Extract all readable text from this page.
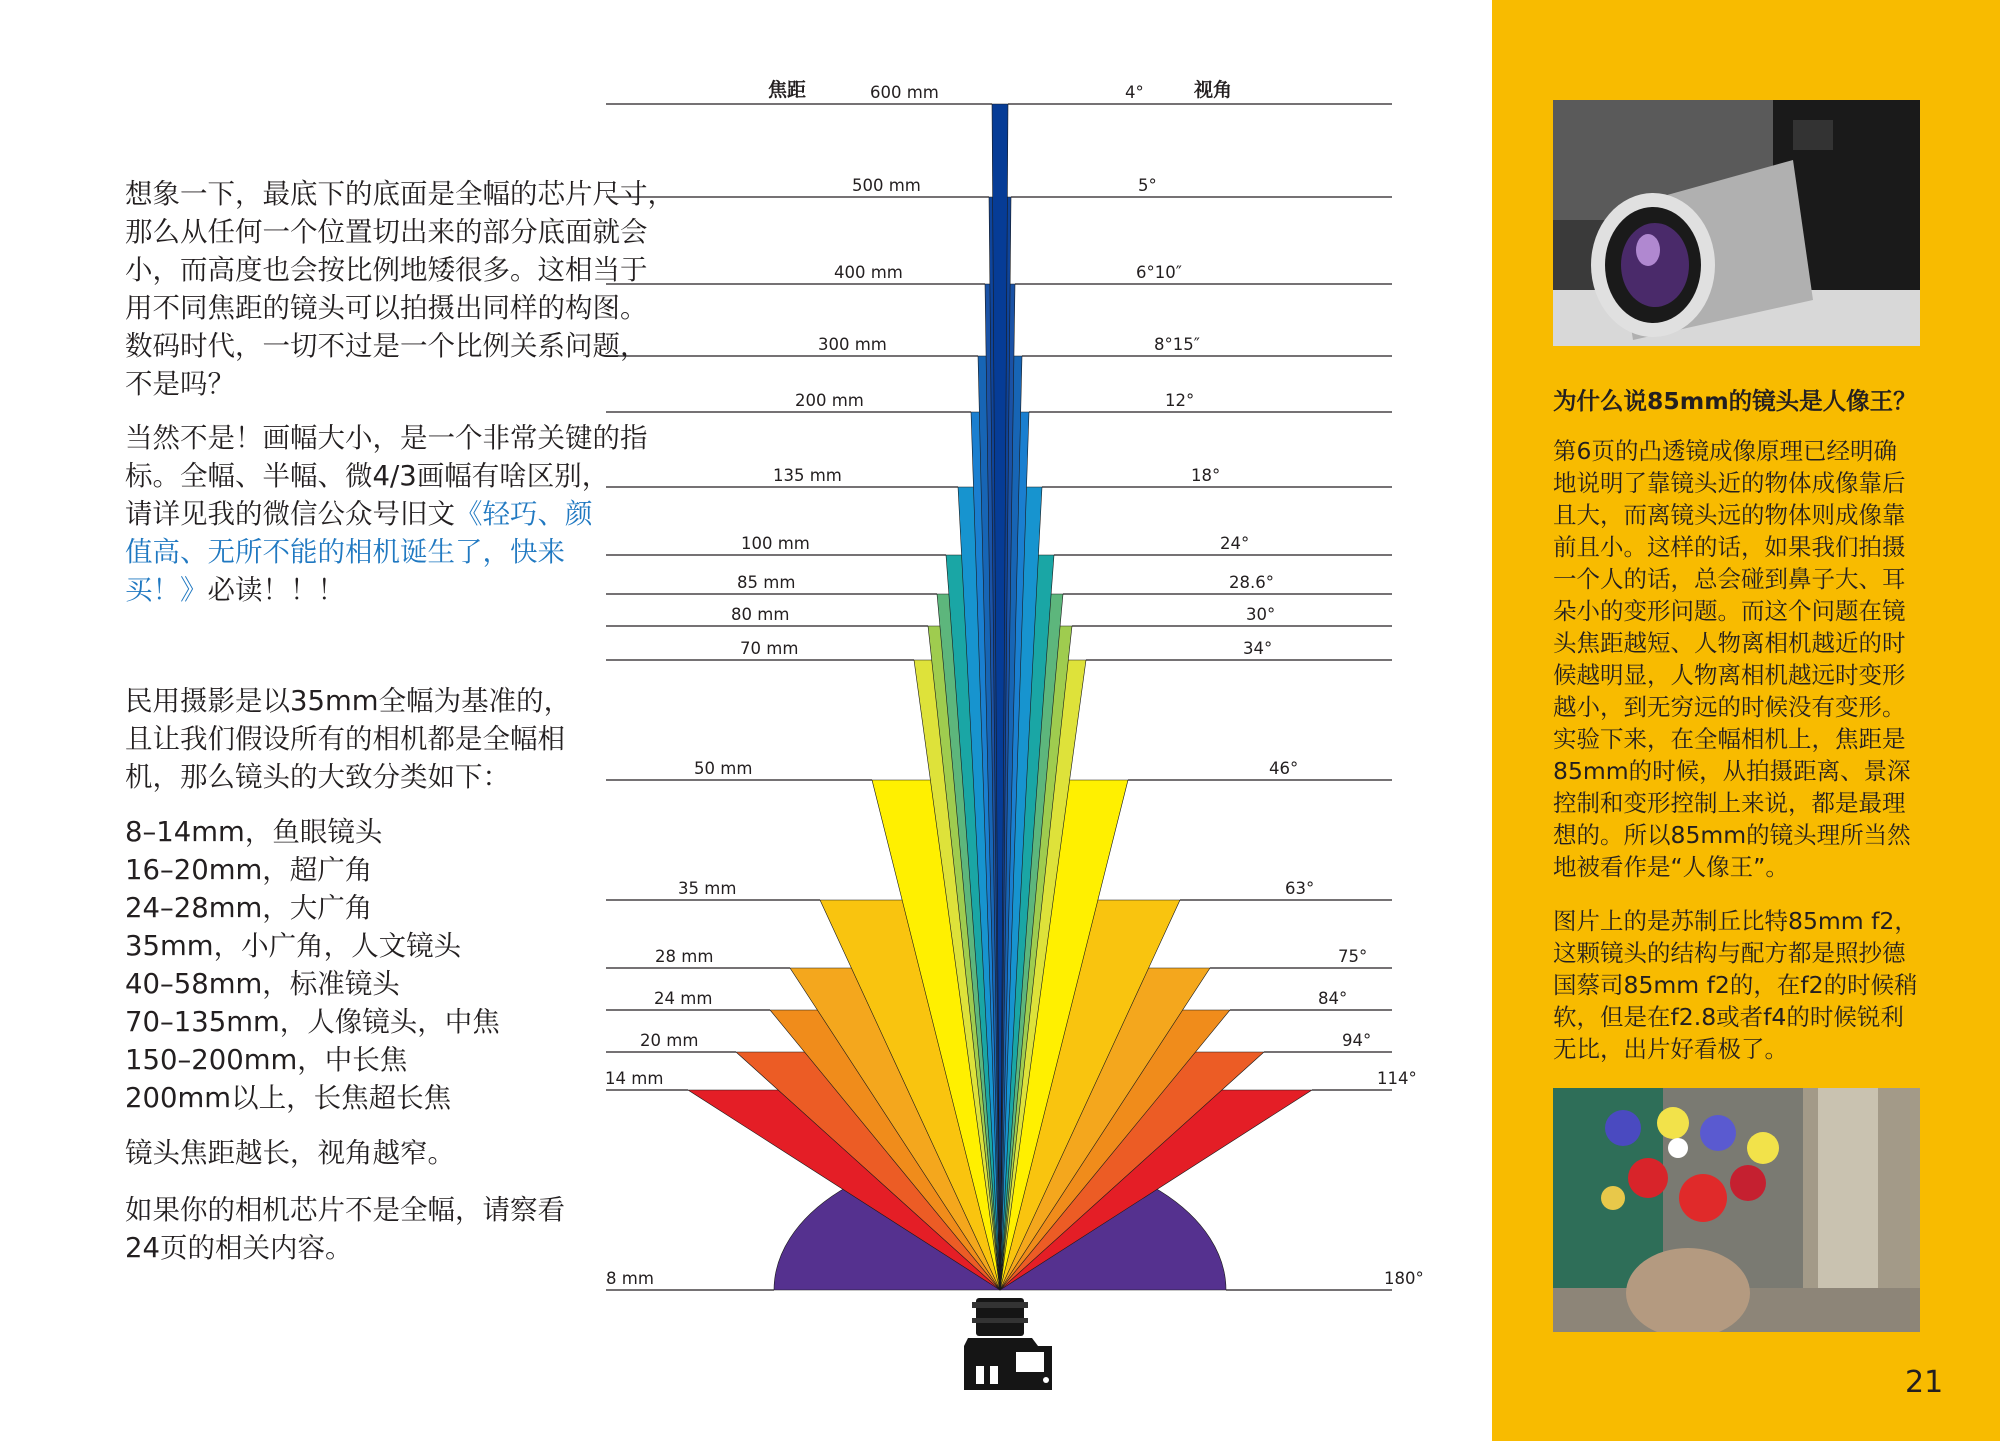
想象一下，最底下的底面是全幅的芯片尺寸，
那么从任何一个位置切出来的部分底面就会
小，而高度也会按比例地矮很多。这相当于
用不同焦距的镜头可以拍摄出同样的构图。
数码时代，一切不过是一个比例关系问题，
不是吗？
当然不是！画幅大小，是一个非常关键的指
标。全幅、半幅、微4/3画幅有啥区别，
请详见我的微信公众号旧文《轻巧、颜
值高、无所不能的相机诞生了，快来
买！》必读！！！
民用摄影是以35mm全幅为基准的，
且让我们假设所有的相机都是全幅相
机，那么镜头的大致分类如下：
8–14mm，鱼眼镜头
16–20mm，超广角
24–28mm，大广角
35mm，小广角，人文镜头
40–58mm，标准镜头
70–135mm，人像镜头，中焦
150–200mm，中长焦
200mm以上，长焦超长焦
镜头焦距越长，视角越窄。
如果你的相机芯片不是全幅，请察看
24页的相关内容。
8 mm	180°
14 mm	114°
20 mm	94°
24 mm	84°
28 mm	75°
35 mm	63°
50 mm	46°
70 mm	34°
80 mm	30°
85 mm	28.6°
100 mm	24°
135 mm	18°
200 mm	12°
300 mm	8°15″
400 mm	6°10″
500 mm	5°
600 mm	4°
焦距	视角
为什么说85mm的镜头是人像王？
第6页的凸透镜成像原理已经明确
地说明了靠镜头近的物体成像靠后
且大，而离镜头远的物体则成像靠
前且小。这样的话，如果我们拍摄
一个人的话，总会碰到鼻子大、耳
朵小的变形问题。而这个问题在镜
头焦距越短、人物离相机越近的时
候越明显，人物离相机越远时变形
越小，到无穷远的时候没有变形。
实验下来，在全幅相机上，焦距是
85mm的时候，从拍摄距离、景深
控制和变形控制上来说，都是最理
想的。所以85mm的镜头理所当然
地被看作是“人像王”。
图片上的是苏制丘比特85mm f2，
这颗镜头的结构与配方都是照抄德
国蔡司85mm f2的，在f2的时候稍
软，但是在f2.8或者f4的时候锐利
无比，出片好看极了。
21
